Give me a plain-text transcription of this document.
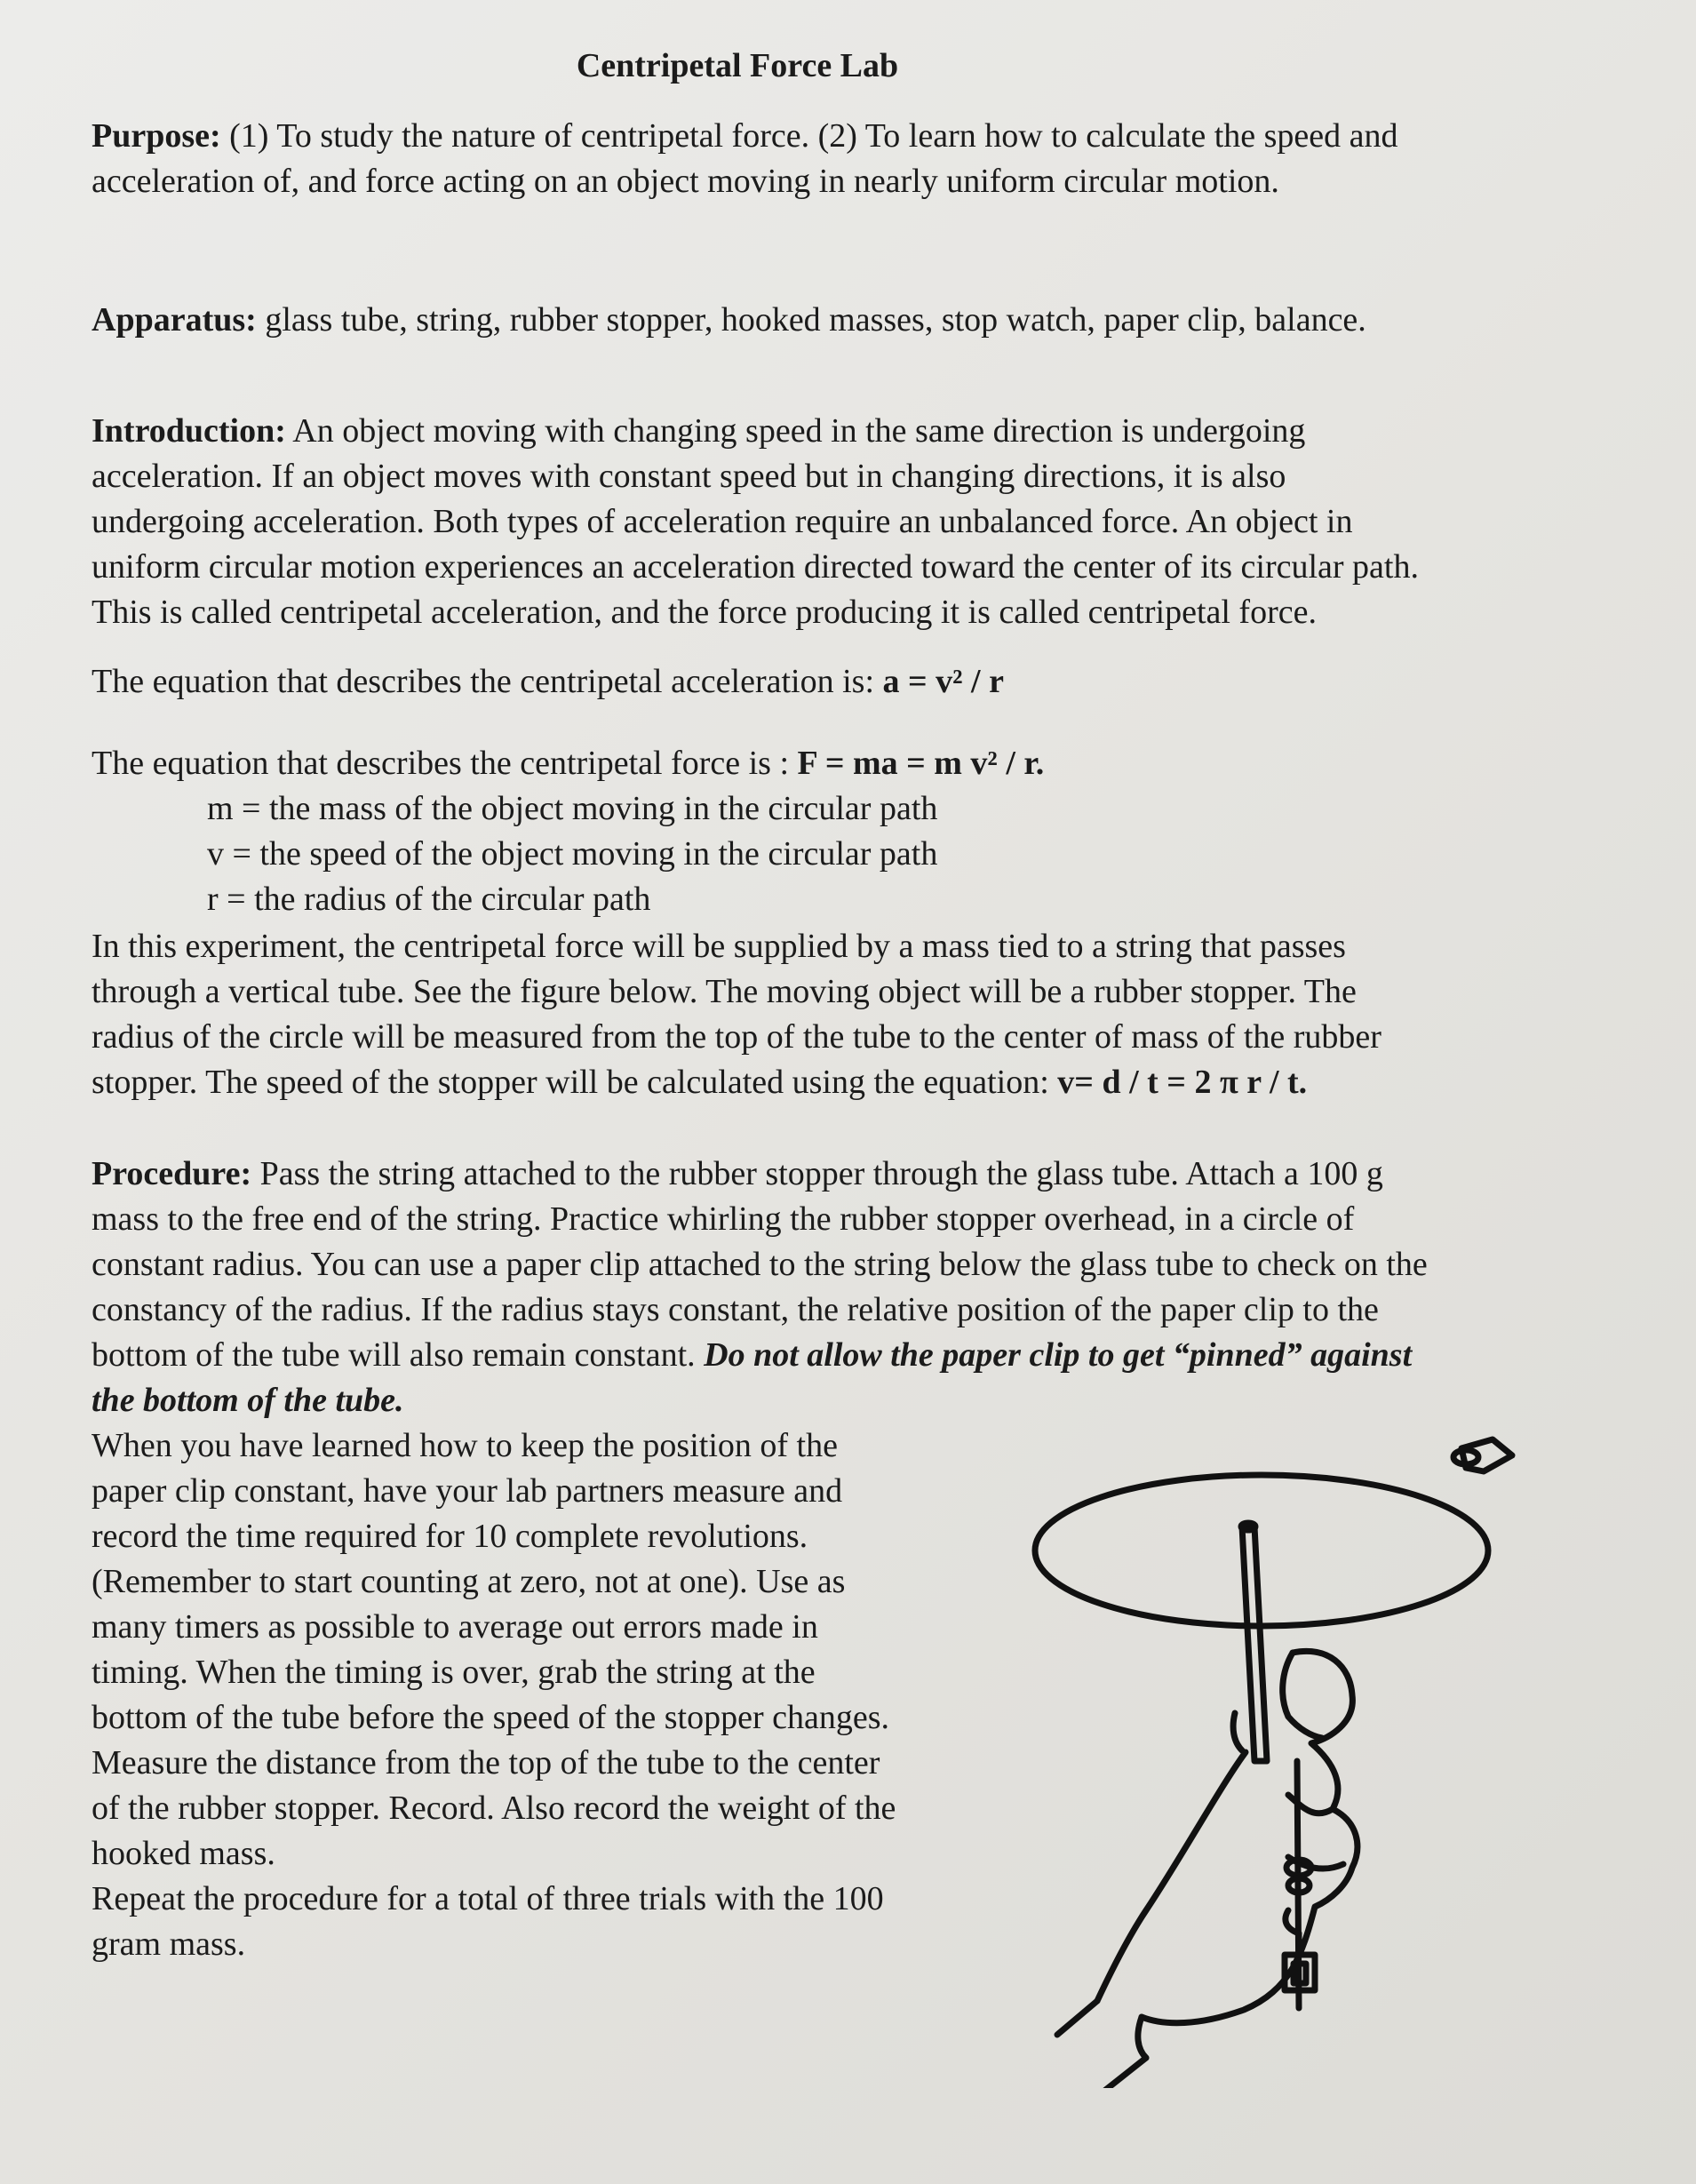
Centripetal Force Lab

Purpose: (1) To study the nature of centripetal force. (2) To learn how to calculate the speed and acceleration of, and force acting on an object moving in nearly uniform circular motion.

Apparatus: glass tube, string, rubber stopper, hooked masses, stop watch, paper clip, balance.

Introduction: An object moving with changing speed in the same direction is undergoing acceleration. If an object moves with constant speed but in changing directions, it is also undergoing acceleration. Both types of acceleration require an unbalanced force. An object in uniform circular motion experiences an acceleration directed toward the center of its circular path. This is called centripetal acceleration, and the force producing it is called centripetal force.

The equation that describes the centripetal acceleration is: a = v² / r

The equation that describes the centripetal force is : F = ma = m v² / r.

m = the mass of the object moving in the circular path

v = the speed of the object moving in the circular path

r = the radius of the circular path

In this experiment, the centripetal force will be supplied by a mass tied to a string that passes through a vertical tube. See the figure below. The moving object will be a rubber stopper. The radius of the circle will be measured from the top of the tube to the center of mass of the rubber stopper. The speed of the stopper will be calculated using the equation: v= d / t = 2 π r / t.

Procedure: Pass the string attached to the rubber stopper through the glass tube. Attach a 100 g mass to the free end of the string. Practice whirling the rubber stopper overhead, in a circle of constant radius. You can use a paper clip attached to the string below the glass tube to check on the constancy of the radius. If the radius stays constant, the relative position of the paper clip to the bottom of the tube will also remain constant. Do not allow the paper clip to get “pinned” against the bottom of the tube.

When you have learned how to keep the position of the paper clip constant, have your lab partners measure and record the time required for 10 complete revolutions. (Remember to start counting at zero, not at one). Use as many timers as possible to average out errors made in timing. When the timing is over, grab the string at the bottom of the tube before the speed of the stopper changes. Measure the distance from the top of the tube to the center of the rubber stopper. Record. Also record the weight of the hooked mass.

Repeat the procedure for a total of three trials with the 100 gram mass.
